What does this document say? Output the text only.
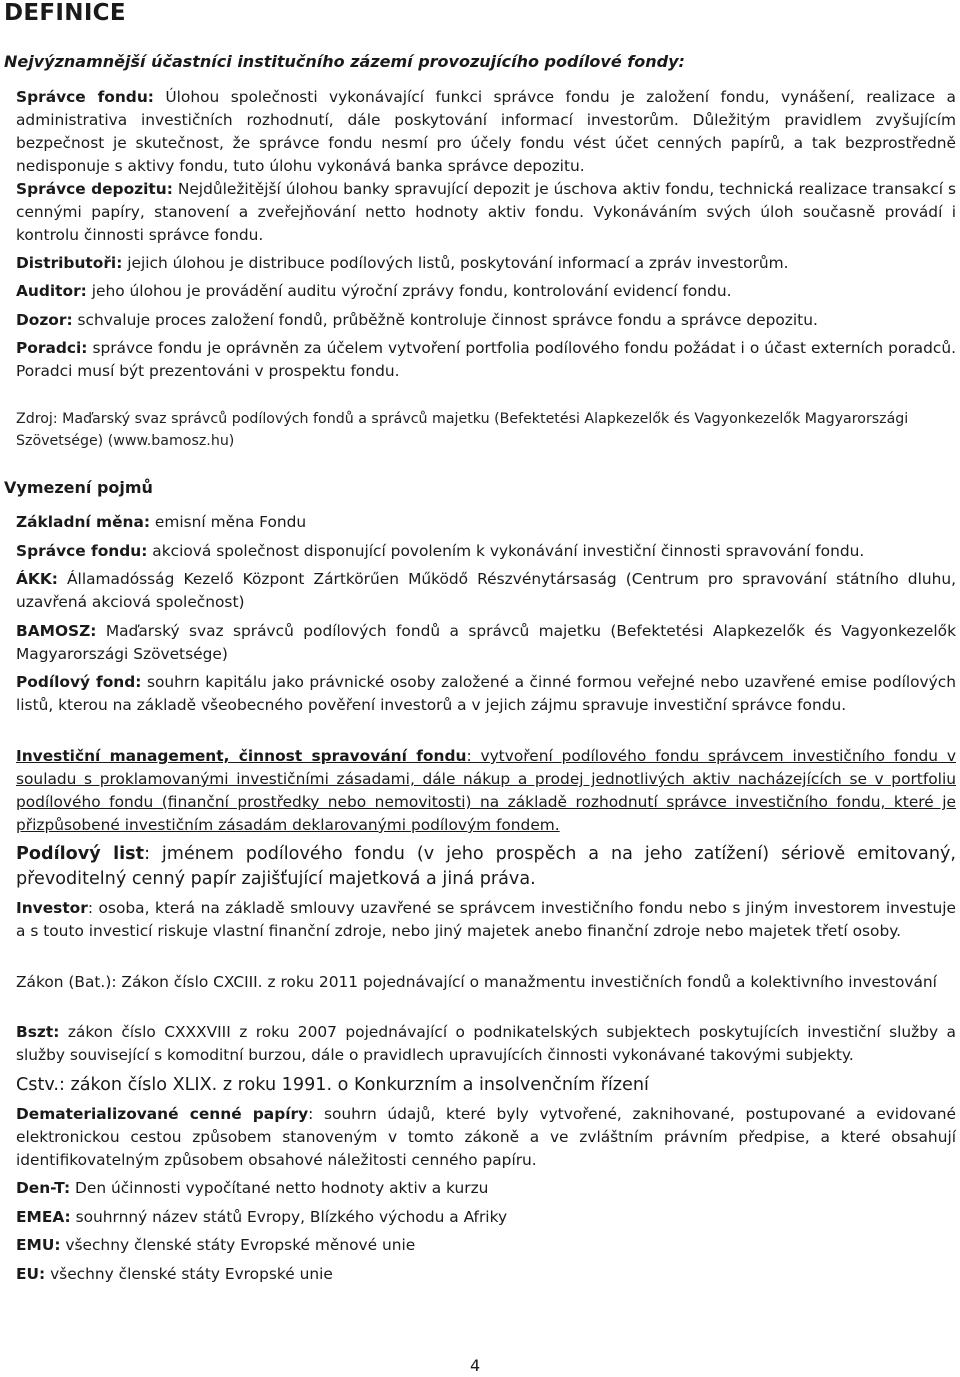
DEFINICE
Nejvýznamnější účastníci institučního zázemí provozujícího podílové fondy:
Správce fondu: Úlohou společnosti vykonávající funkci správce fondu je založení fondu, vynášení, realizace a administrativa investičních rozhodnutí, dále poskytování informací investorům. Důležitým pravidlem zvyšujícím bezpečnost je skutečnost, že správce fondu nesmí pro účely fondu vést účet cenných papírů, a tak bezprostředně nedisponuje s aktivy fondu, tuto úlohu vykonává banka správce depozitu.
Správce depozitu: Nejdůležitější úlohou banky spravující depozit je úschova aktiv fondu, technická realizace transakcí s cennými papíry, stanovení a zveřejňování netto hodnoty aktiv fondu. Vykonáváním svých úloh současně provádí i kontrolu činnosti správce fondu.
Distributoři: jejich úlohou je distribuce podílových listů, poskytování informací a zpráv investorům.
Auditor: jeho úlohou je provádění auditu výroční zprávy fondu, kontrolování evidencí fondu.
Dozor: schvaluje proces založení fondů, průběžně kontroluje činnost správce fondu a správce depozitu.
Poradci: správce fondu je oprávněn za účelem vytvoření portfolia podílového fondu požádat i o účast externích poradců. Poradci musí být prezentováni v prospektu fondu.
Zdroj: Maďarský svaz správců podílových fondů a správců majetku (Befektetési Alapkezelők és Vagyonkezelők Magyarországi Szövetsége) (www.bamosz.hu)
Vymezení pojmů
Základní měna: emisní měna Fondu
Správce fondu: akciová společnost disponující povolením k vykonávání investiční činnosti spravování fondu.
ÁKK: Államadósság Kezelő Központ Zártkörűen Működő Részvénytársaság (Centrum pro spravování státního dluhu, uzavřená akciová společnost)
BAMOSZ: Maďarský svaz správců podílových fondů a správců majetku (Befektetési Alapkezelők és Vagyonkezelők Magyarországi Szövetsége)
Podílový fond: souhrn kapitálu jako právnické osoby založené a činné formou veřejné nebo uzavřené emise podílových listů, kterou na základě všeobecného pověření investorů a v jejich zájmu spravuje investiční správce fondu.
Investiční management, činnost spravování fondu: vytvoření podílového fondu správcem investičního fondu v souladu s proklamovanými investičními zásadami, dále nákup a prodej jednotlivých aktiv nacházejících se v portfoliu podílového fondu (finanční prostředky nebo nemovitosti) na základě rozhodnutí správce investičního fondu, které je přizpůsobené investičním zásadám deklarovanými podílovým fondem.
Podílový list: jménem podílového fondu (v jeho prospěch a na jeho zatížení) sériově emitovaný, převoditelný cenný papír zajišťující majetková a jiná práva.
Investor: osoba, která na základě smlouvy uzavřené se správcem investičního fondu nebo s jiným investorem investuje a s touto investicí riskuje vlastní finanční zdroje, nebo jiný majetek anebo finanční zdroje nebo majetek třetí osoby.
Zákon (Bat.): Zákon číslo CXCIII. z roku 2011 pojednávající o manažmentu investičních fondů a kolektivního investování
Bszt: zákon číslo CXXXVIII z roku 2007 pojednávající o podnikatelských subjektech poskytujících investiční služby a služby související s komoditní burzou, dále o pravidlech upravujících činnosti vykonávané takovými subjekty.
Cstv.: zákon číslo XLIX. z roku 1991. o Konkurzním a insolvenčním řízení
Dematerializované cenné papíry: souhrn údajů, které byly vytvořené, zaknihované, postupované a evidované elektronickou cestou způsobem stanoveným v tomto zákoně a ve zvláštním právním předpise, a které obsahují identifikovatelným způsobem obsahové náležitosti cenného papíru.
Den-T: Den účinnosti vypočítané netto hodnoty aktiv a kurzu
EMEA: souhrnný název států Evropy, Blízkého východu a Afriky
EMU: všechny členské státy Evropské měnové unie
EU: všechny členské státy Evropské unie
4
